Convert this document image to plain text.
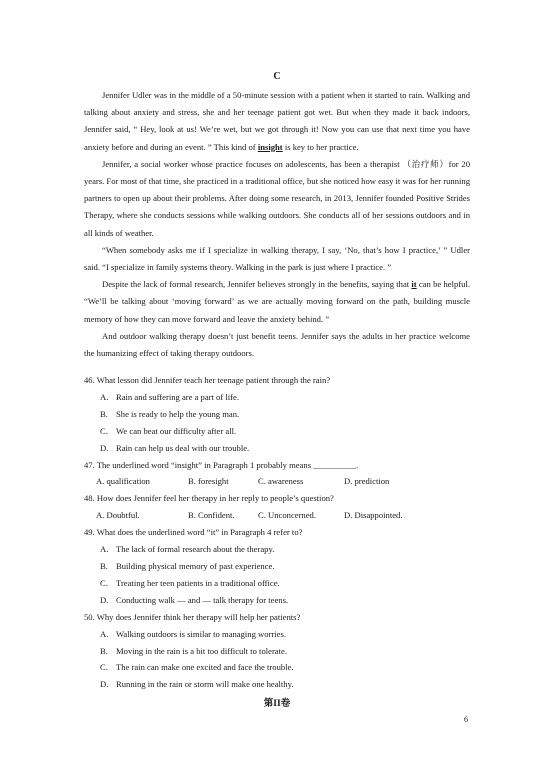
C

Jennifer Udler was in the middle of a 50-minute session with a patient when it started to rain. Walking and talking about anxiety and stress, she and her teenage patient got wet. But when they made it back indoors, Jennifer said, “ Hey, look at us! We’re wet, but we got through it! Now you can use that next time you have anxiety before and during an event. ” This kind of insight is key to her practice.

Jennifer, a social worker whose practice focuses on adolescents, has been a therapist （治疗师）for 20 years. For most of that time, she practiced in a traditional office, but she noticed how easy it was for her running partners to open up about their problems. After doing some research, in 2013, Jennifer founded Positive Strides Therapy, where she conducts sessions while walking outdoors. She conducts all of her sessions outdoors and in all kinds of weather.

“When somebody asks me if I specialize in walking therapy, I say, ‘No, that’s how I practice,’ ” Udler said. “I specialize in family systems theory. Walking in the park is just where I practice. ”

Despite the lack of formal research, Jennifer believes strongly in the benefits, saying that it can be helpful. “We’ll be talking about ‘moving forward’ as we are actually moving forward on the path, building muscle memory of how they can move forward and leave the anxiety behind. ”

And outdoor walking therapy doesn’t just benefit teens. Jennifer says the adults in her practice welcome the humanizing effect of taking therapy outdoors.

46. What lesson did Jennifer teach her teenage patient through the rain?

A. Rain and suffering are a part of life.

B. She is ready to help the young man.

C. We can beat our difficulty after all.

D. Rain can help us deal with our trouble.

47. The underlined word “insight” in Paragraph 1 probably means __________.

A. qualification	B. foresight	C. awareness	D. prediction

48. How does Jennifer feel her therapy in her reply to people’s question?

A. Doubtful.	B. Confident.	C. Unconcerned.	D. Disappointed.

49. What does the underlined word “it” in Paragraph 4 refer to?

A. The lack of formal research about the therapy.

B. Building physical memory of past experience.

C. Treating her teen patients in a traditional office.

D. Conducting walk — and — talk therapy for teens.

50. Why does Jennifer think her therapy will help her patients?

A. Walking outdoors is similar to managing worries.

B. Moving in the rain is a bit too difficult to tolerate.

C. The rain can make one excited and face the trouble.

D. Running in the rain or storm will make one healthy.

第II卷
6
